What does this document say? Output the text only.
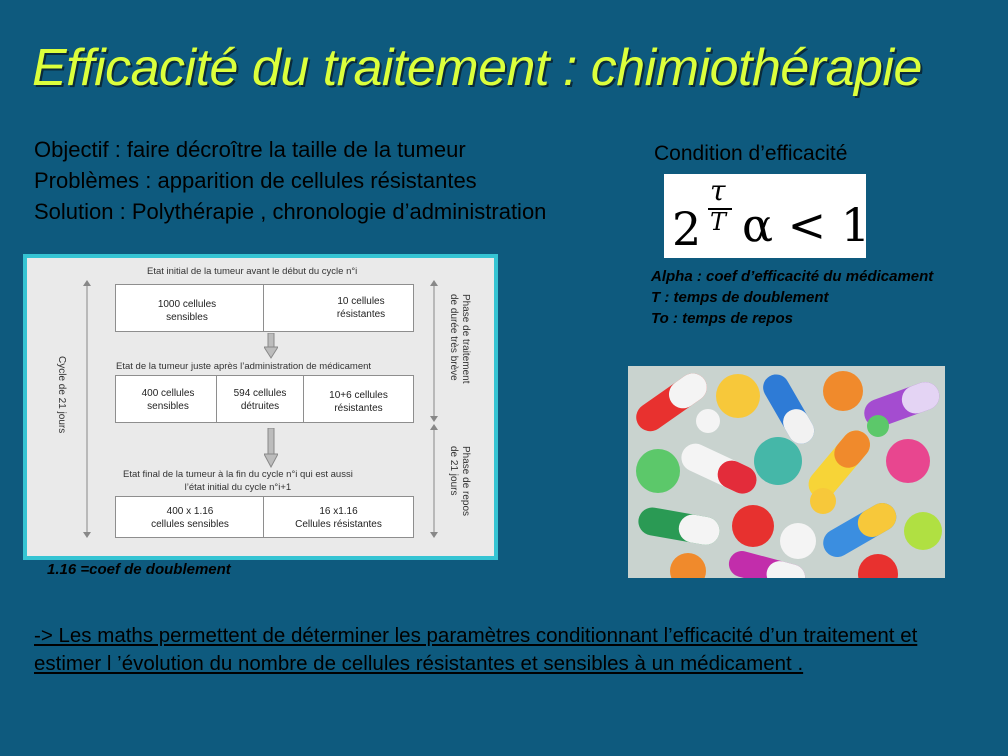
Efficacité du traitement : chimiothérapie
Objectif : faire décroître la taille de la tumeur
Problèmes : apparition de cellules résistantes
Solution : Polythérapie , chronologie d’administration
Condition d’efficacité
2
τ
T α < 1
Alpha : coef d’efficacité du médicament
T : temps de doublement
To : temps de repos
Etat initial de la tumeur avant le début du cycle n°i
1000 cellules
sensibles
10 cellules
résistantes
Etat de la tumeur juste après l’administration de médicament
400 cellules
sensibles
594 cellules
détruites
10+6 cellules
résistantes
Etat final de la tumeur à la fin du cycle n°i qui est aussi
l’état initial du cycle n°i+1
400 x 1.16
cellules sensibles
16 x1.16
Cellules résistantes
Cycle de 21 jours
Phase de traitement
de durée très brève
Phase de repos
de 21 jours
1.16 =coef de doublement
-> Les maths permettent de déterminer les paramètres conditionnant l’efficacité d’un traitement et estimer l ’évolution du nombre de cellules résistantes et sensibles à un médicament .
